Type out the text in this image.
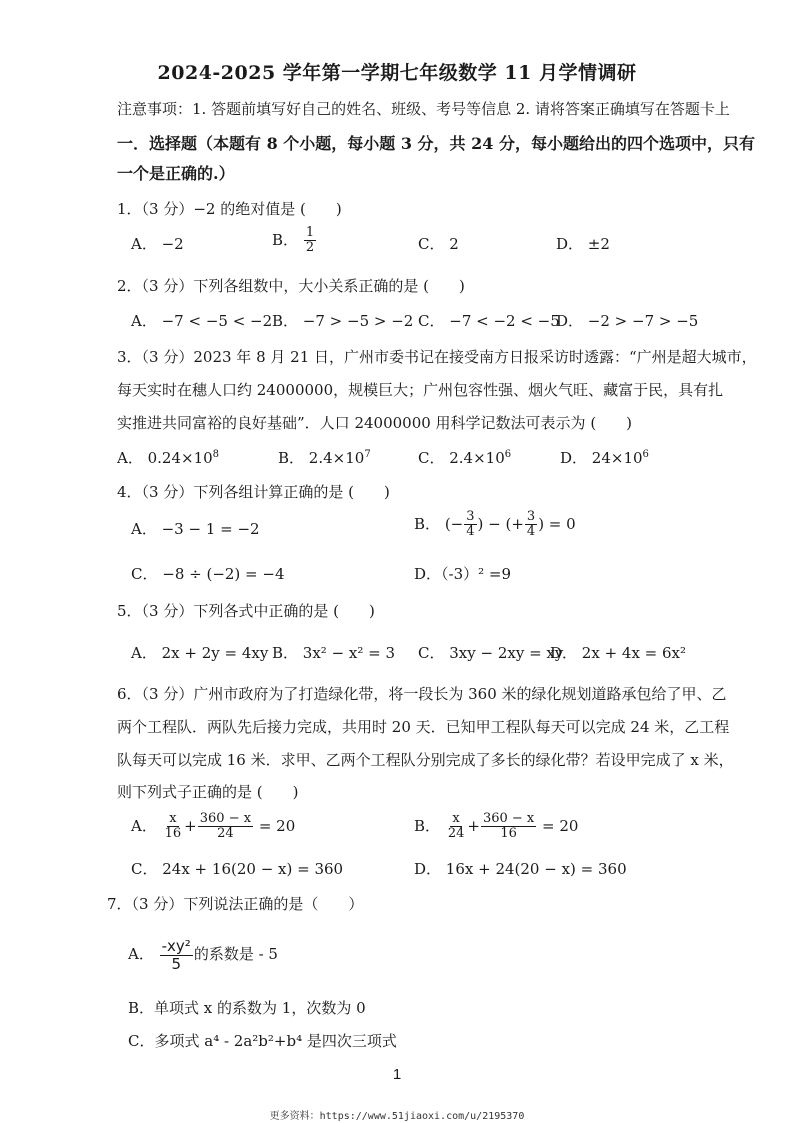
2024-2025 学年第一学期七年级数学 11 月学情调研
注意事项：1. 答题前填写好自己的姓名、班级、考号等信息 2. 请将答案正确填写在答题卡上
一．选择题（本题有 8 个小题，每小题 3 分，共 24 分，每小题给出的四个选项中，只有
一个是正确的.）
1．（3 分）−2 的绝对值是 (　　)
A． −2	B． $\frac{1}{2}$	C． 2	D． ±2
2．（3 分）下列各组数中，大小关系正确的是 (　　)
A． −7 < −5 < −2 B． −7 > −5 > −2 C． −7 < −2 < −5
D． −2 > −7 > −5
3．（3 分）2023 年 8 月 21 日，广州市委书记在接受南方日报采访时透露：“广州是超大城市，
每天实时在穗人口约 24000000，规模巨大；广州包容性强、烟火气旺、藏富于民，具有扎
实推进共同富裕的良好基础”．人口 24000000 用科学记数法可表示为 (　　)
A． $0.24\times 10^8$	B． $2.4\times 10^7$	C． $2.4\times 10^6$	D． $24\times 10^6$
4．（3 分）下列各组计算正确的是 (　　)
A． −3 − 1 = −2	B． (− $\frac{3}{4}$ ) − (+ $\frac{3}{4}$ ) = 0
C． −8 ÷ (−2) = −4	D．（-3）² =9
5．（3 分）下列各式中正确的是 (　　)
A． 2x + 2y = 4xy B． 3x² − x² = 3 C． 3xy − 2xy = xy
D． 2x + 4x = 6x²
6．（3 分）广州市政府为了打造绿化带，将一段长为 360 米的绿化规划道路承包给了甲、乙
两个工程队．两队先后接力完成，共用时 20 天．已知甲工程队每天可以完成 24 米，乙工程
队每天可以完成 16 米．求甲、乙两个工程队分别完成了多长的绿化带？若设甲完成了 x 米，
则下列式子正确的是 (　　)
A． $\frac{x}{16} + \frac{360 - x}{24} = 20$	B． $\frac{x}{24} + \frac{360 - x}{16} = 20$
C． 24x + 16(20 − x) = 360	D． 16x + 24(20 − x) = 360
7．（3 分）下列说法正确的是（　　）
A． $\frac{\text{-xy²}}{5}$ 的系数是 - 5
B．单项式 x 的系数为 1，次数为 0
C．多项式 a⁴ - 2a²b²+b⁴ 是四次三项式
1
更多资料：https://www.51jiaoxi.com/u/2195370
